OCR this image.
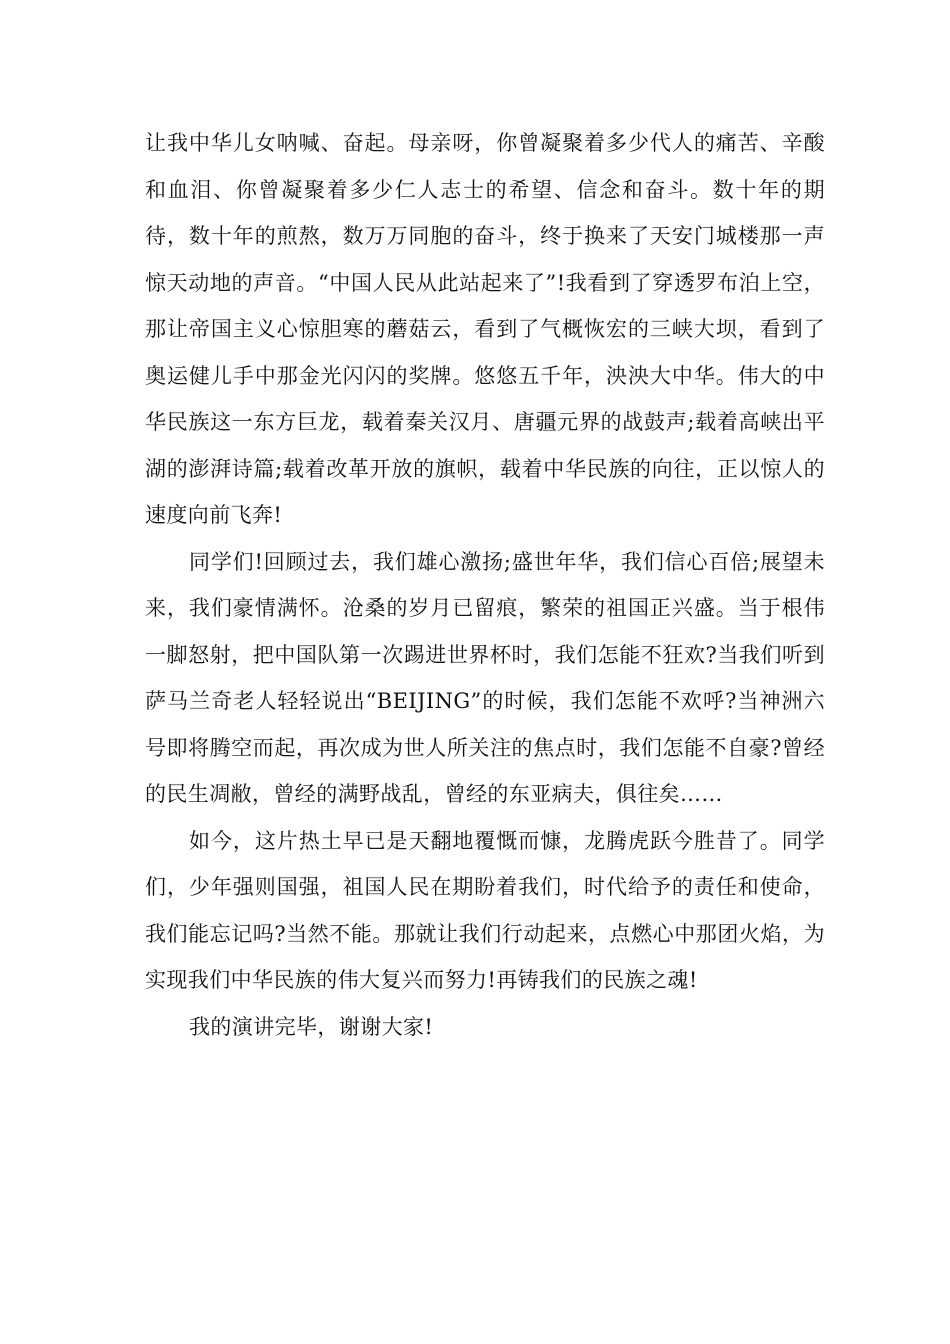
让我中华儿女呐喊、奋起。母亲呀，你曾凝聚着多少代人的痛苦、辛酸和血泪、你曾凝聚着多少仁人志士的希望、信念和奋斗。数十年的期待，数十年的煎熬，数万万同胞的奋斗，终于换来了天安门城楼那一声惊天动地的声音。“中国人民从此站起来了”!我看到了穿透罗布泊上空，那让帝国主义心惊胆寒的蘑菇云，看到了气概恢宏的三峡大坝，看到了奥运健儿手中那金光闪闪的奖牌。悠悠五千年，泱泱大中华。伟大的中华民族这一东方巨龙，载着秦关汉月、唐疆元界的战鼓声;载着高峡出平湖的澎湃诗篇;载着改革开放的旗帜，载着中华民族的向往，正以惊人的速度向前飞奔!

同学们!回顾过去，我们雄心激扬;盛世年华，我们信心百倍;展望未来，我们豪情满怀。沧桑的岁月已留痕，繁荣的祖国正兴盛。当于根伟一脚怒射，把中国队第一次踢进世界杯时，我们怎能不狂欢?当我们听到萨马兰奇老人轻轻说出“BEIJING”的时候，我们怎能不欢呼?当神洲六号即将腾空而起，再次成为世人所关注的焦点时，我们怎能不自豪?曾经的民生凋敝，曾经的满野战乱，曾经的东亚病夫，俱往矣……

如今，这片热土早已是天翻地覆慨而慷，龙腾虎跃今胜昔了。同学们，少年强则国强，祖国人民在期盼着我们，时代给予的责任和使命，我们能忘记吗?当然不能。那就让我们行动起来，点燃心中那团火焰，为实现我们中华民族的伟大复兴而努力!再铸我们的民族之魂!

我的演讲完毕，谢谢大家!
